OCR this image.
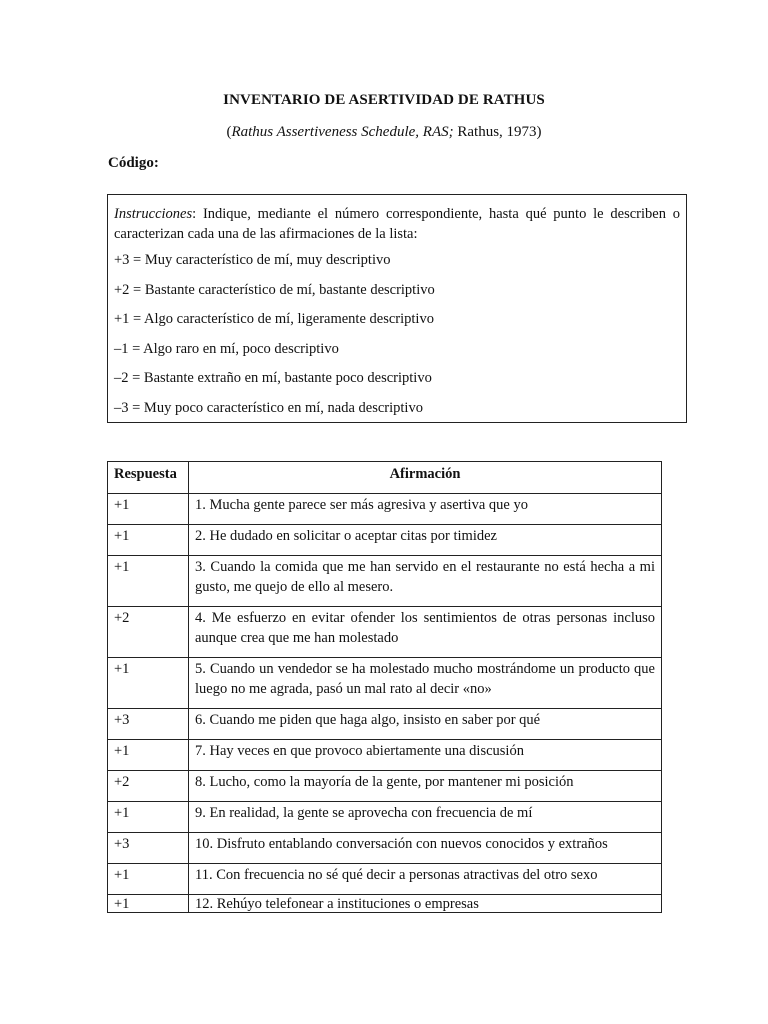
INVENTARIO DE ASERTIVIDAD DE RATHUS
(Rathus Assertiveness Schedule, RAS; Rathus, 1973)
Código:
Instrucciones: Indique, mediante el número correspondiente, hasta qué punto le describen o caracterizan cada una de las afirmaciones de la lista:
+3 = Muy característico de mí, muy descriptivo
+2 = Bastante característico de mí, bastante descriptivo
+1 = Algo característico de mí, ligeramente descriptivo
–1 = Algo raro en mí, poco descriptivo
–2 = Bastante extraño en mí, bastante poco descriptivo
–3 = Muy poco característico en mí, nada descriptivo
Respuesta	Afirmación
+1	1. Mucha gente parece ser más agresiva y asertiva que yo
+1	2. He dudado en solicitar o aceptar citas por timidez
+1	3. Cuando la comida que me han servido en el restaurante no está hecha a mi gusto, me quejo de ello al mesero.
+2	4. Me esfuerzo en evitar ofender los sentimientos de otras personas incluso aunque crea que me han molestado
+1	5. Cuando un vendedor se ha molestado mucho mostrándome un producto que luego no me agrada, pasó un mal rato al decir «no»
+3	6. Cuando me piden que haga algo, insisto en saber por qué
+1	7. Hay veces en que provoco abiertamente una discusión
+2	8. Lucho, como la mayoría de la gente, por mantener mi posición
+1	9. En realidad, la gente se aprovecha con frecuencia de mí
+3	10. Disfruto entablando conversación con nuevos conocidos y extraños
+1	11. Con frecuencia no sé qué decir a personas atractivas del otro sexo
+1	12. Rehúyo telefonear a instituciones o empresas
